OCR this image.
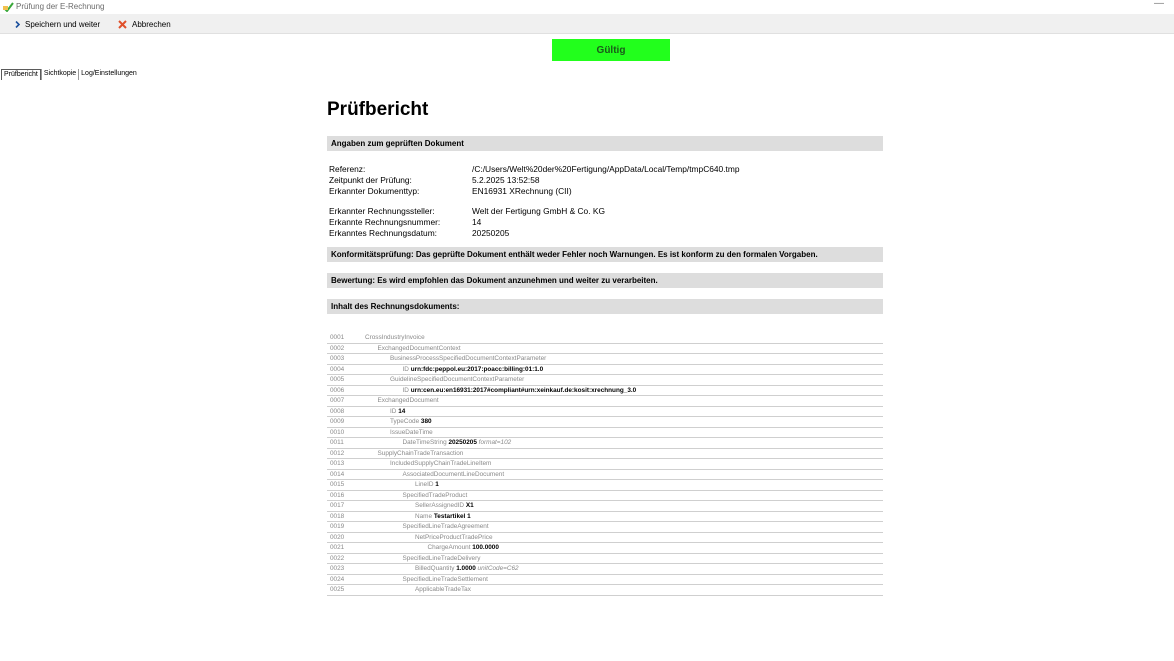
Prüfung der E-Rechnung	—
Speichern und weiter	Abbrechen
Gültig
Prüfbericht Sichtkopie Log/Einstellungen
Prüfbericht
Angaben zum geprüften Dokument
Referenz:	/C:/Users/Welt%20der%20Fertigung/AppData/Local/Temp/tmpC640.tmp
Zeitpunkt der Prüfung:	5.2.2025 13:52:58
Erkannter Dokumenttyp:	EN16931 XRechnung (CII)
Erkannter Rechnungssteller:	Welt der Fertigung GmbH & Co. KG
Erkannte Rechnungsnummer:	14
Erkanntes Rechnungsdatum:	20250205
Konformitätsprüfung: Das geprüfte Dokument enthält weder Fehler noch Warnungen. Es ist konform zu den formalen Vorgaben.
Bewertung: Es wird empfohlen das Dokument anzunehmen und weiter zu verarbeiten.
Inhalt des Rechnungsdokuments:
0001	CrossIndustryInvoice
0002	ExchangedDocumentContext
0003	BusinessProcessSpecifiedDocumentContextParameter
0004	ID urn:fdc:peppol.eu:2017:poacc:billing:01:1.0
0005	GuidelineSpecifiedDocumentContextParameter
0006	ID urn:cen.eu:en16931:2017#compliant#urn:xeinkauf.de:kosit:xrechnung_3.0
0007	ExchangedDocument
0008	ID 14
0009	TypeCode 380
0010	IssueDateTime
0011	DateTimeString 20250205 format=102
0012	SupplyChainTradeTransaction
0013	IncludedSupplyChainTradeLineItem
0014	AssociatedDocumentLineDocument
0015	LineID 1
0016	SpecifiedTradeProduct
0017	SellerAssignedID X1
0018	Name Testartikel 1
0019	SpecifiedLineTradeAgreement
0020	NetPriceProductTradePrice
0021	ChargeAmount 100.0000
0022	SpecifiedLineTradeDelivery
0023	BilledQuantity 1.0000 unitCode=C62
0024	SpecifiedLineTradeSettlement
0025	ApplicableTradeTax
